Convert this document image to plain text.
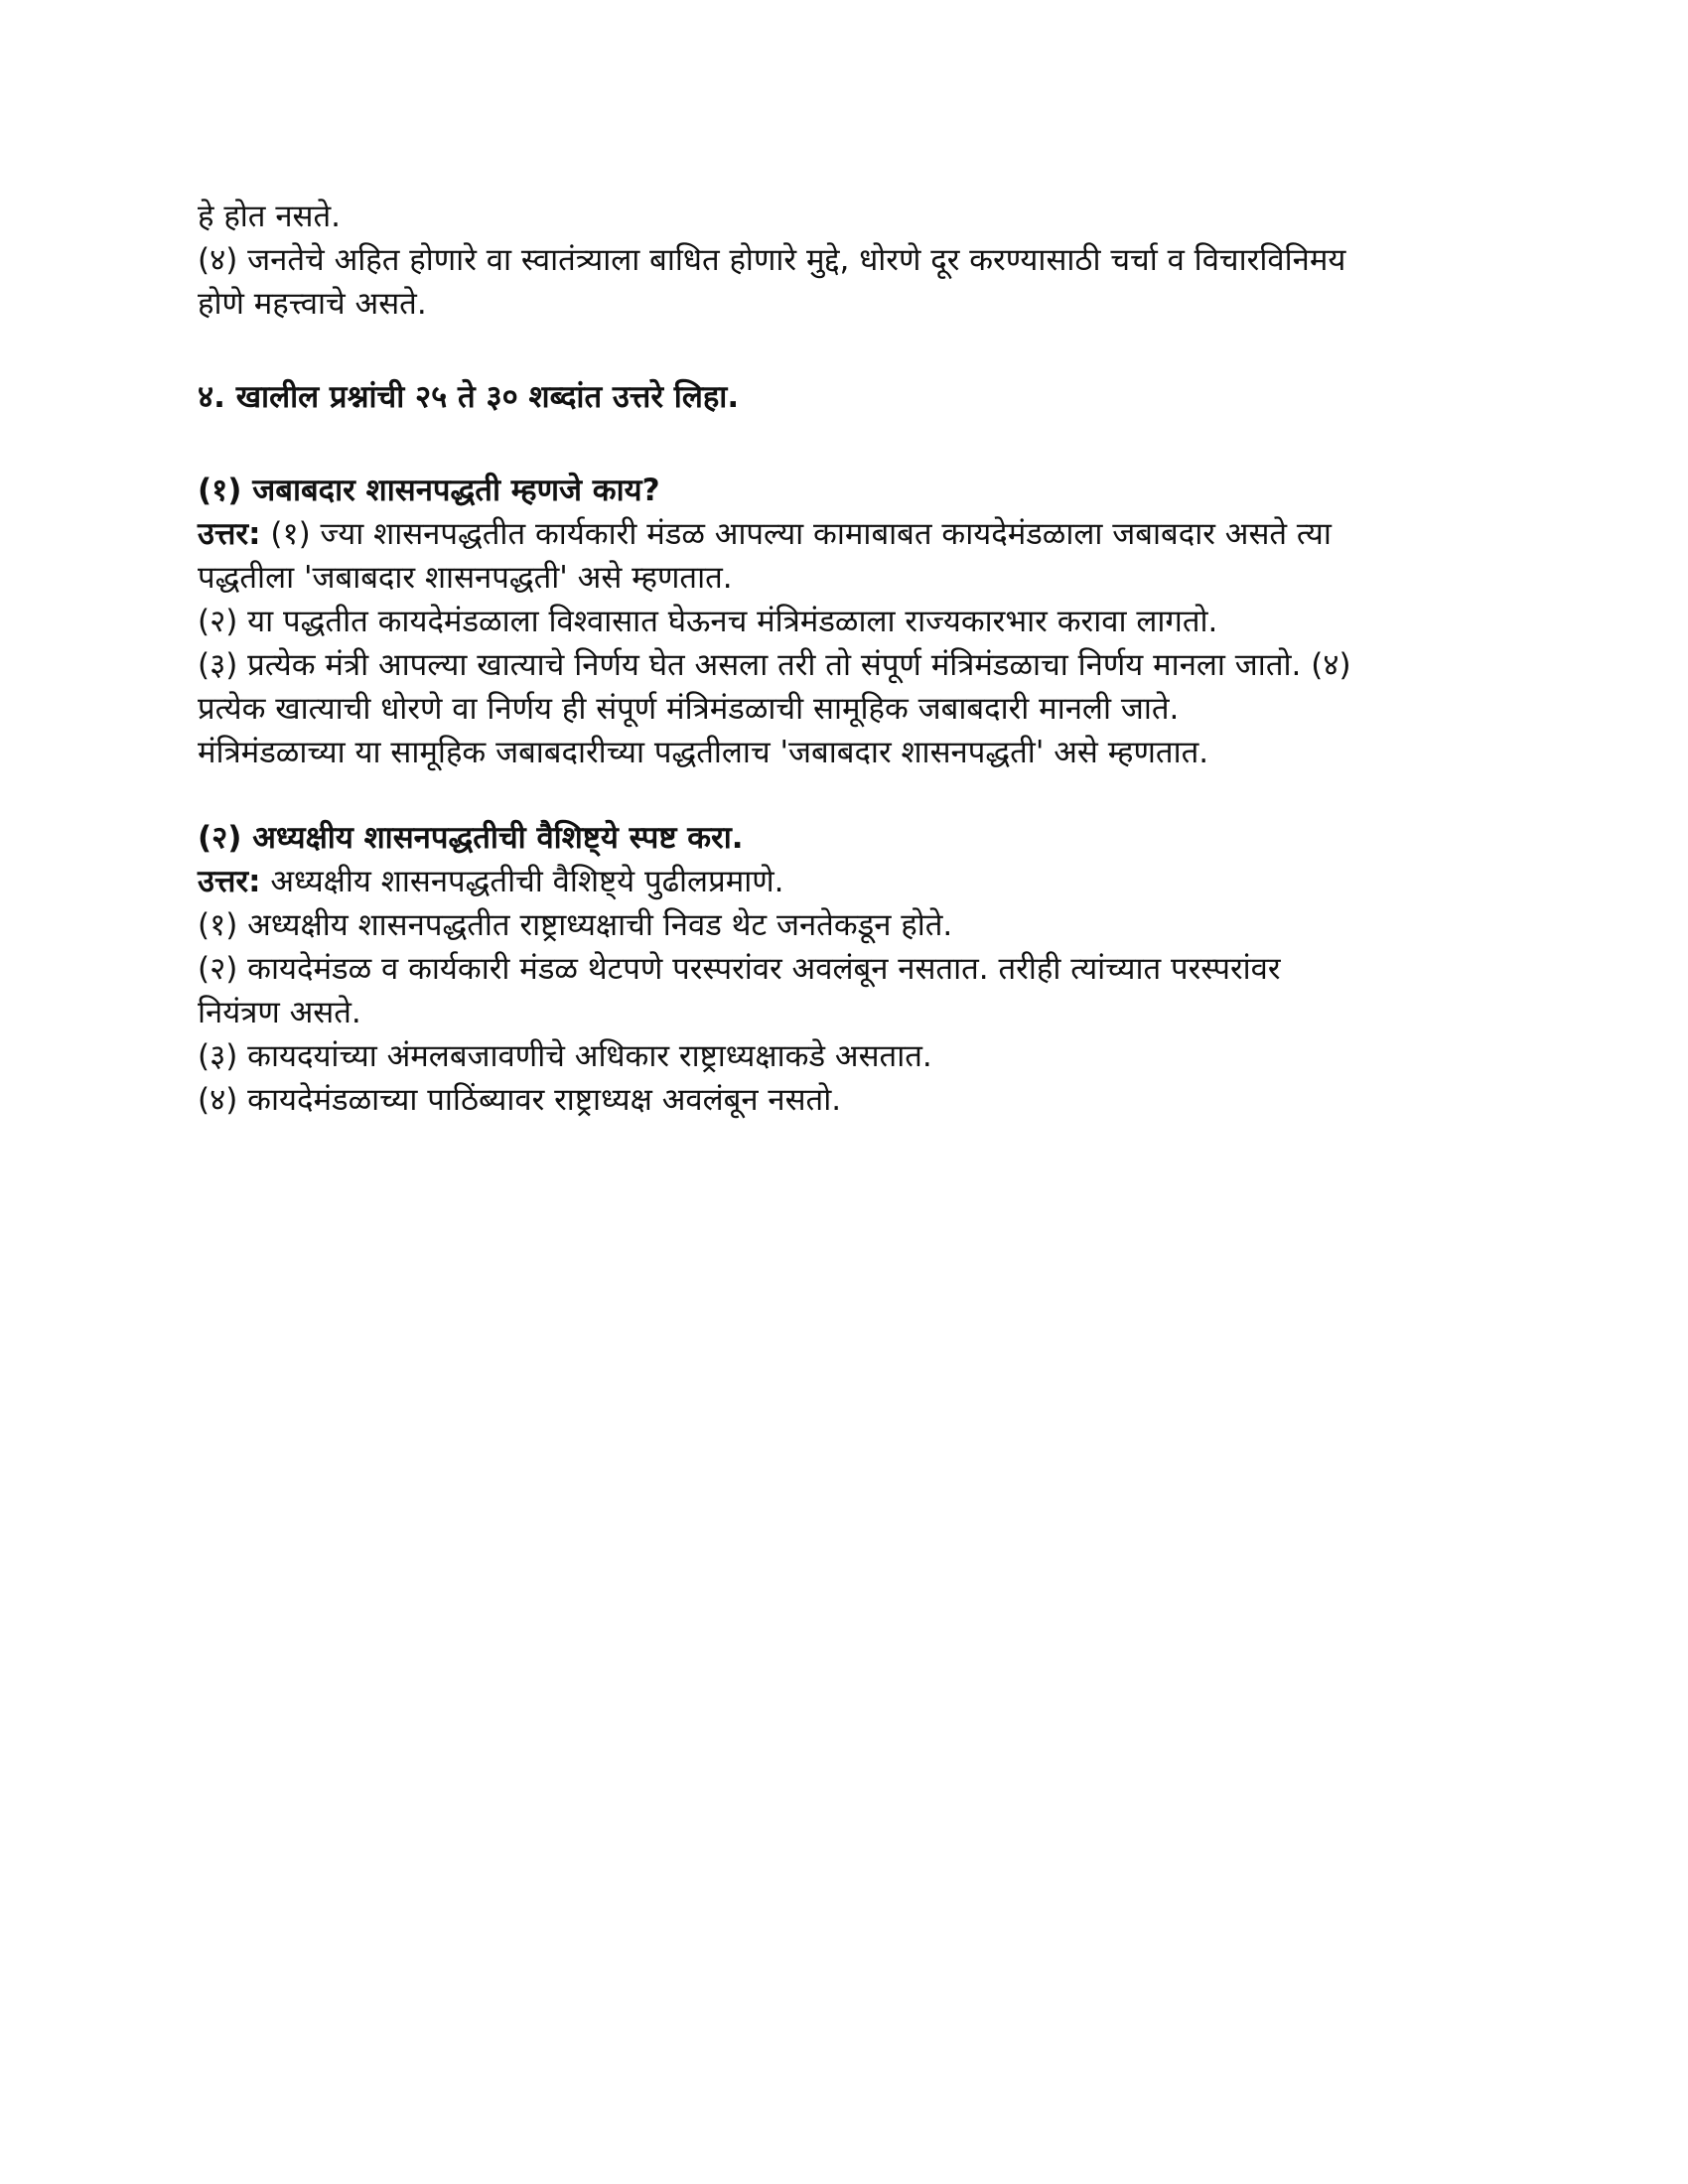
हे होत नसते.
(४) जनतेचे अहित होणारे वा स्वातंत्र्याला बाधित होणारे मुद्दे, धोरणे दूर करण्यासाठी चर्चा व विचारविनिमय
होणे महत्त्वाचे असते.
४. खालील प्रश्नांची २५ ते ३० शब्दांत उत्तरे लिहा.
(१) जबाबदार शासनपद्धती म्हणजे काय?
उत्तर: (१) ज्या शासनपद्धतीत कार्यकारी मंडळ आपल्या कामाबाबत कायदेमंडळाला जबाबदार असते त्या
पद्धतीला 'जबाबदार शासनपद्धती' असे म्हणतात.
(२) या पद्धतीत कायदेमंडळाला विश्वासात घेऊनच मंत्रिमंडळाला राज्यकारभार करावा लागतो.
(३) प्रत्येक मंत्री आपल्या खात्याचे निर्णय घेत असला तरी तो संपूर्ण मंत्रिमंडळाचा निर्णय मानला जातो. (४)
प्रत्येक खात्याची धोरणे वा निर्णय ही संपूर्ण मंत्रिमंडळाची सामूहिक जबाबदारी मानली जाते.
मंत्रिमंडळाच्या या सामूहिक जबाबदारीच्या पद्धतीलाच 'जबाबदार शासनपद्धती' असे म्हणतात.
(२) अध्यक्षीय शासनपद्धतीची वैशिष्ट्ये स्पष्ट करा.
उत्तर: अध्यक्षीय शासनपद्धतीची वैशिष्ट्ये पुढीलप्रमाणे.
(१) अध्यक्षीय शासनपद्धतीत राष्ट्राध्यक्षाची निवड थेट जनतेकडून होते.
(२) कायदेमंडळ व कार्यकारी मंडळ थेटपणे परस्परांवर अवलंबून नसतात. तरीही त्यांच्यात परस्परांवर
नियंत्रण असते.
(३) कायदयांच्या अंमलबजावणीचे अधिकार राष्ट्राध्यक्षाकडे असतात.
(४) कायदेमंडळाच्या पाठिंब्यावर राष्ट्राध्यक्ष अवलंबून नसतो.
